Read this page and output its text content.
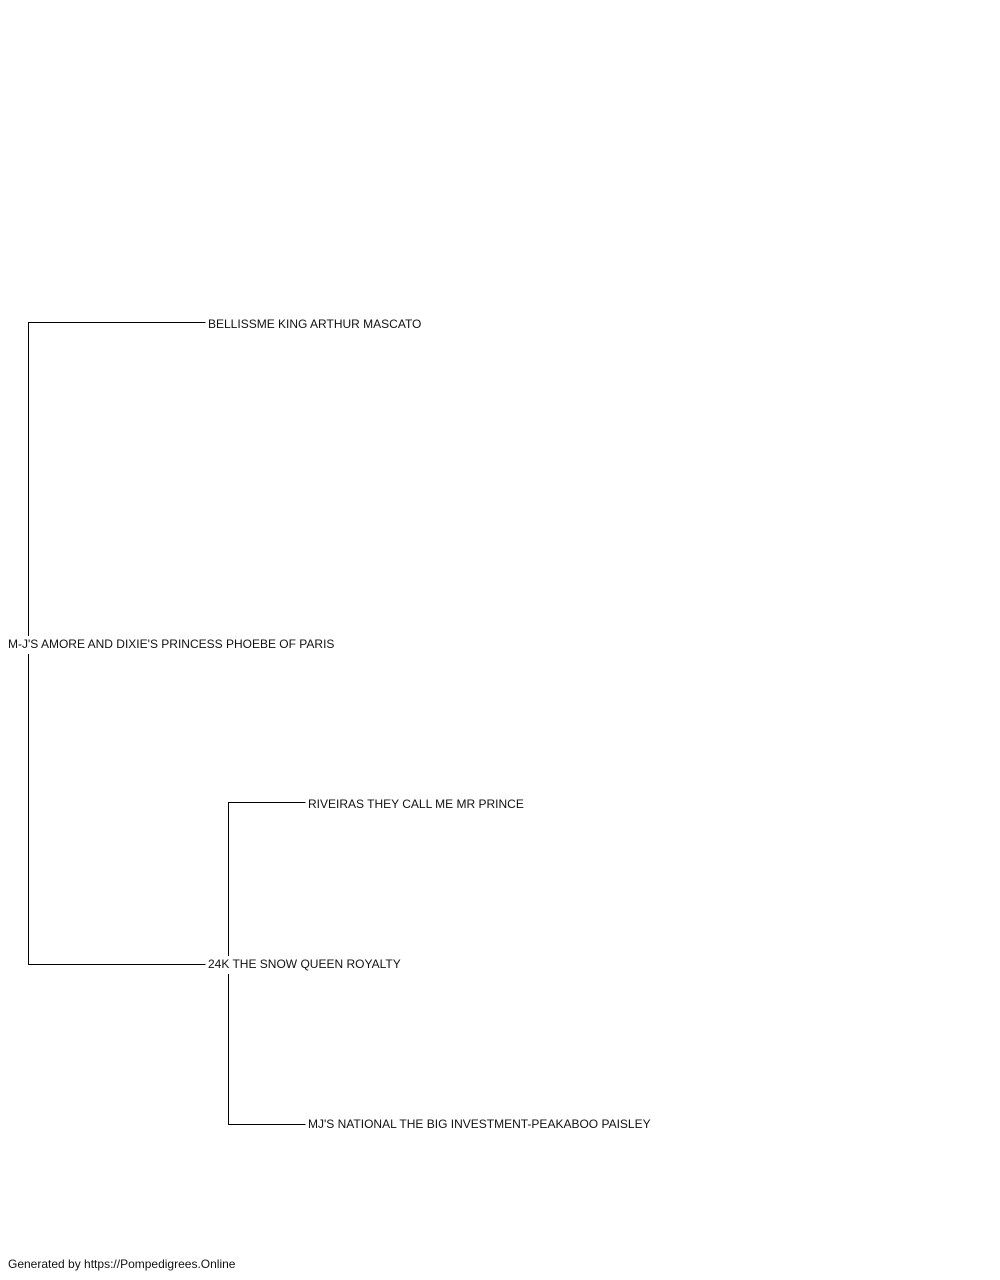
M-J'S AMORE AND DIXIE'S PRINCESS PHOEBE OF PARIS
BELLISSME KING ARTHUR MASCATO
24K THE SNOW QUEEN ROYALTY
RIVEIRAS THEY CALL ME MR PRINCE
MJ'S NATIONAL THE BIG INVESTMENT-PEAKABOO PAISLEY
Generated by https://Pompedigrees.Online
